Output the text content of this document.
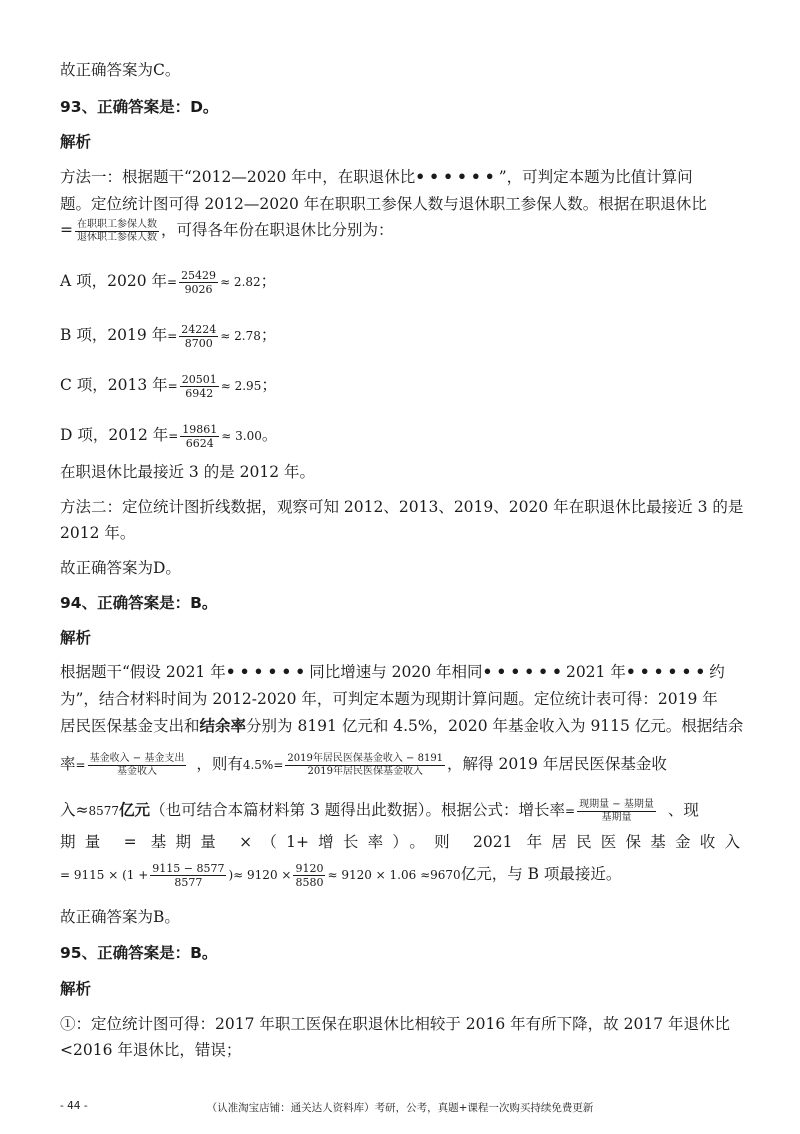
故正确答案为C。
93、正确答案是：D。
解析
方法一：根据题干“2012—2020 年中，在职退休比••••••”，可判定本题为比值计算问
题。定位统计图可得 2012—2020 年在职职工参保人数与退休职工参保人数。根据在职退休比
= $\frac{\text{在职职工参保人数}}{\text{退休职工参保人数}}$ ，可得各年份在职退休比分别为：
A 项，2020 年= $\frac{25429}{9026} \approx 2.82$；
B 项，2019 年= $\frac{24224}{8700} \approx 2.78$；
C 项，2013 年= $\frac{20501}{6942} \approx 2.95$；
D 项，2012 年= $\frac{19861}{6624} \approx 3.00$。
在职退休比最接近 3 的是 2012 年。
方法二：定位统计图折线数据，观察可知 2012、2013、2019、2020 年在职退休比最接近 3 的是
2012 年。
故正确答案为D。
94、正确答案是：B。
解析
根据题干“假设 2021 年••••••同比增速与 2020 年相同••••••2021 年••••••约
为”，结合材料时间为 2012-2020 年，可判定本题为现期计算问题。定位统计表可得：2019 年
居民医保基金支出和结余率分别为 8191 亿元和 4.5%，2020 年基金收入为 9115 亿元。根据结余
率= $\frac{\text{基金收入 − 基金支出}}{\text{基金收入}}$ ，则有$4.5\%= \frac{\text{2019年居民医保基金收入 − 8191}}{\text{2019年居民医保基金收入}}$ ，解得 2019 年居民医保基金收
入≈8577亿元（也可结合本篇材料第 3 题得出此数据）。根据公式：增长率= $\frac{\text{现期量 − 基期量}}{\text{基期量}}$ 、现
期量 = 基期量 ×（1+增长率）。则 2021 年居民医保基金收入
= $9115 \times (1 + \frac{9115 - 8577}{8577}$ )≈ $9120 \times \frac{9120}{8580} \approx 9120 \times 1.06 \approx 9670$亿元，与 B 项最接近。
故正确答案为B。
95、正确答案是：B。
解析
①：定位统计图可得：2017 年职工医保在职退休比相较于 2016 年有所下降，故 2017 年退休比
<2016 年退休比，错误；
- 44 -	（认准淘宝店铺：通关达人资料库）考研，公考，真题+课程一次购买持续免费更新
